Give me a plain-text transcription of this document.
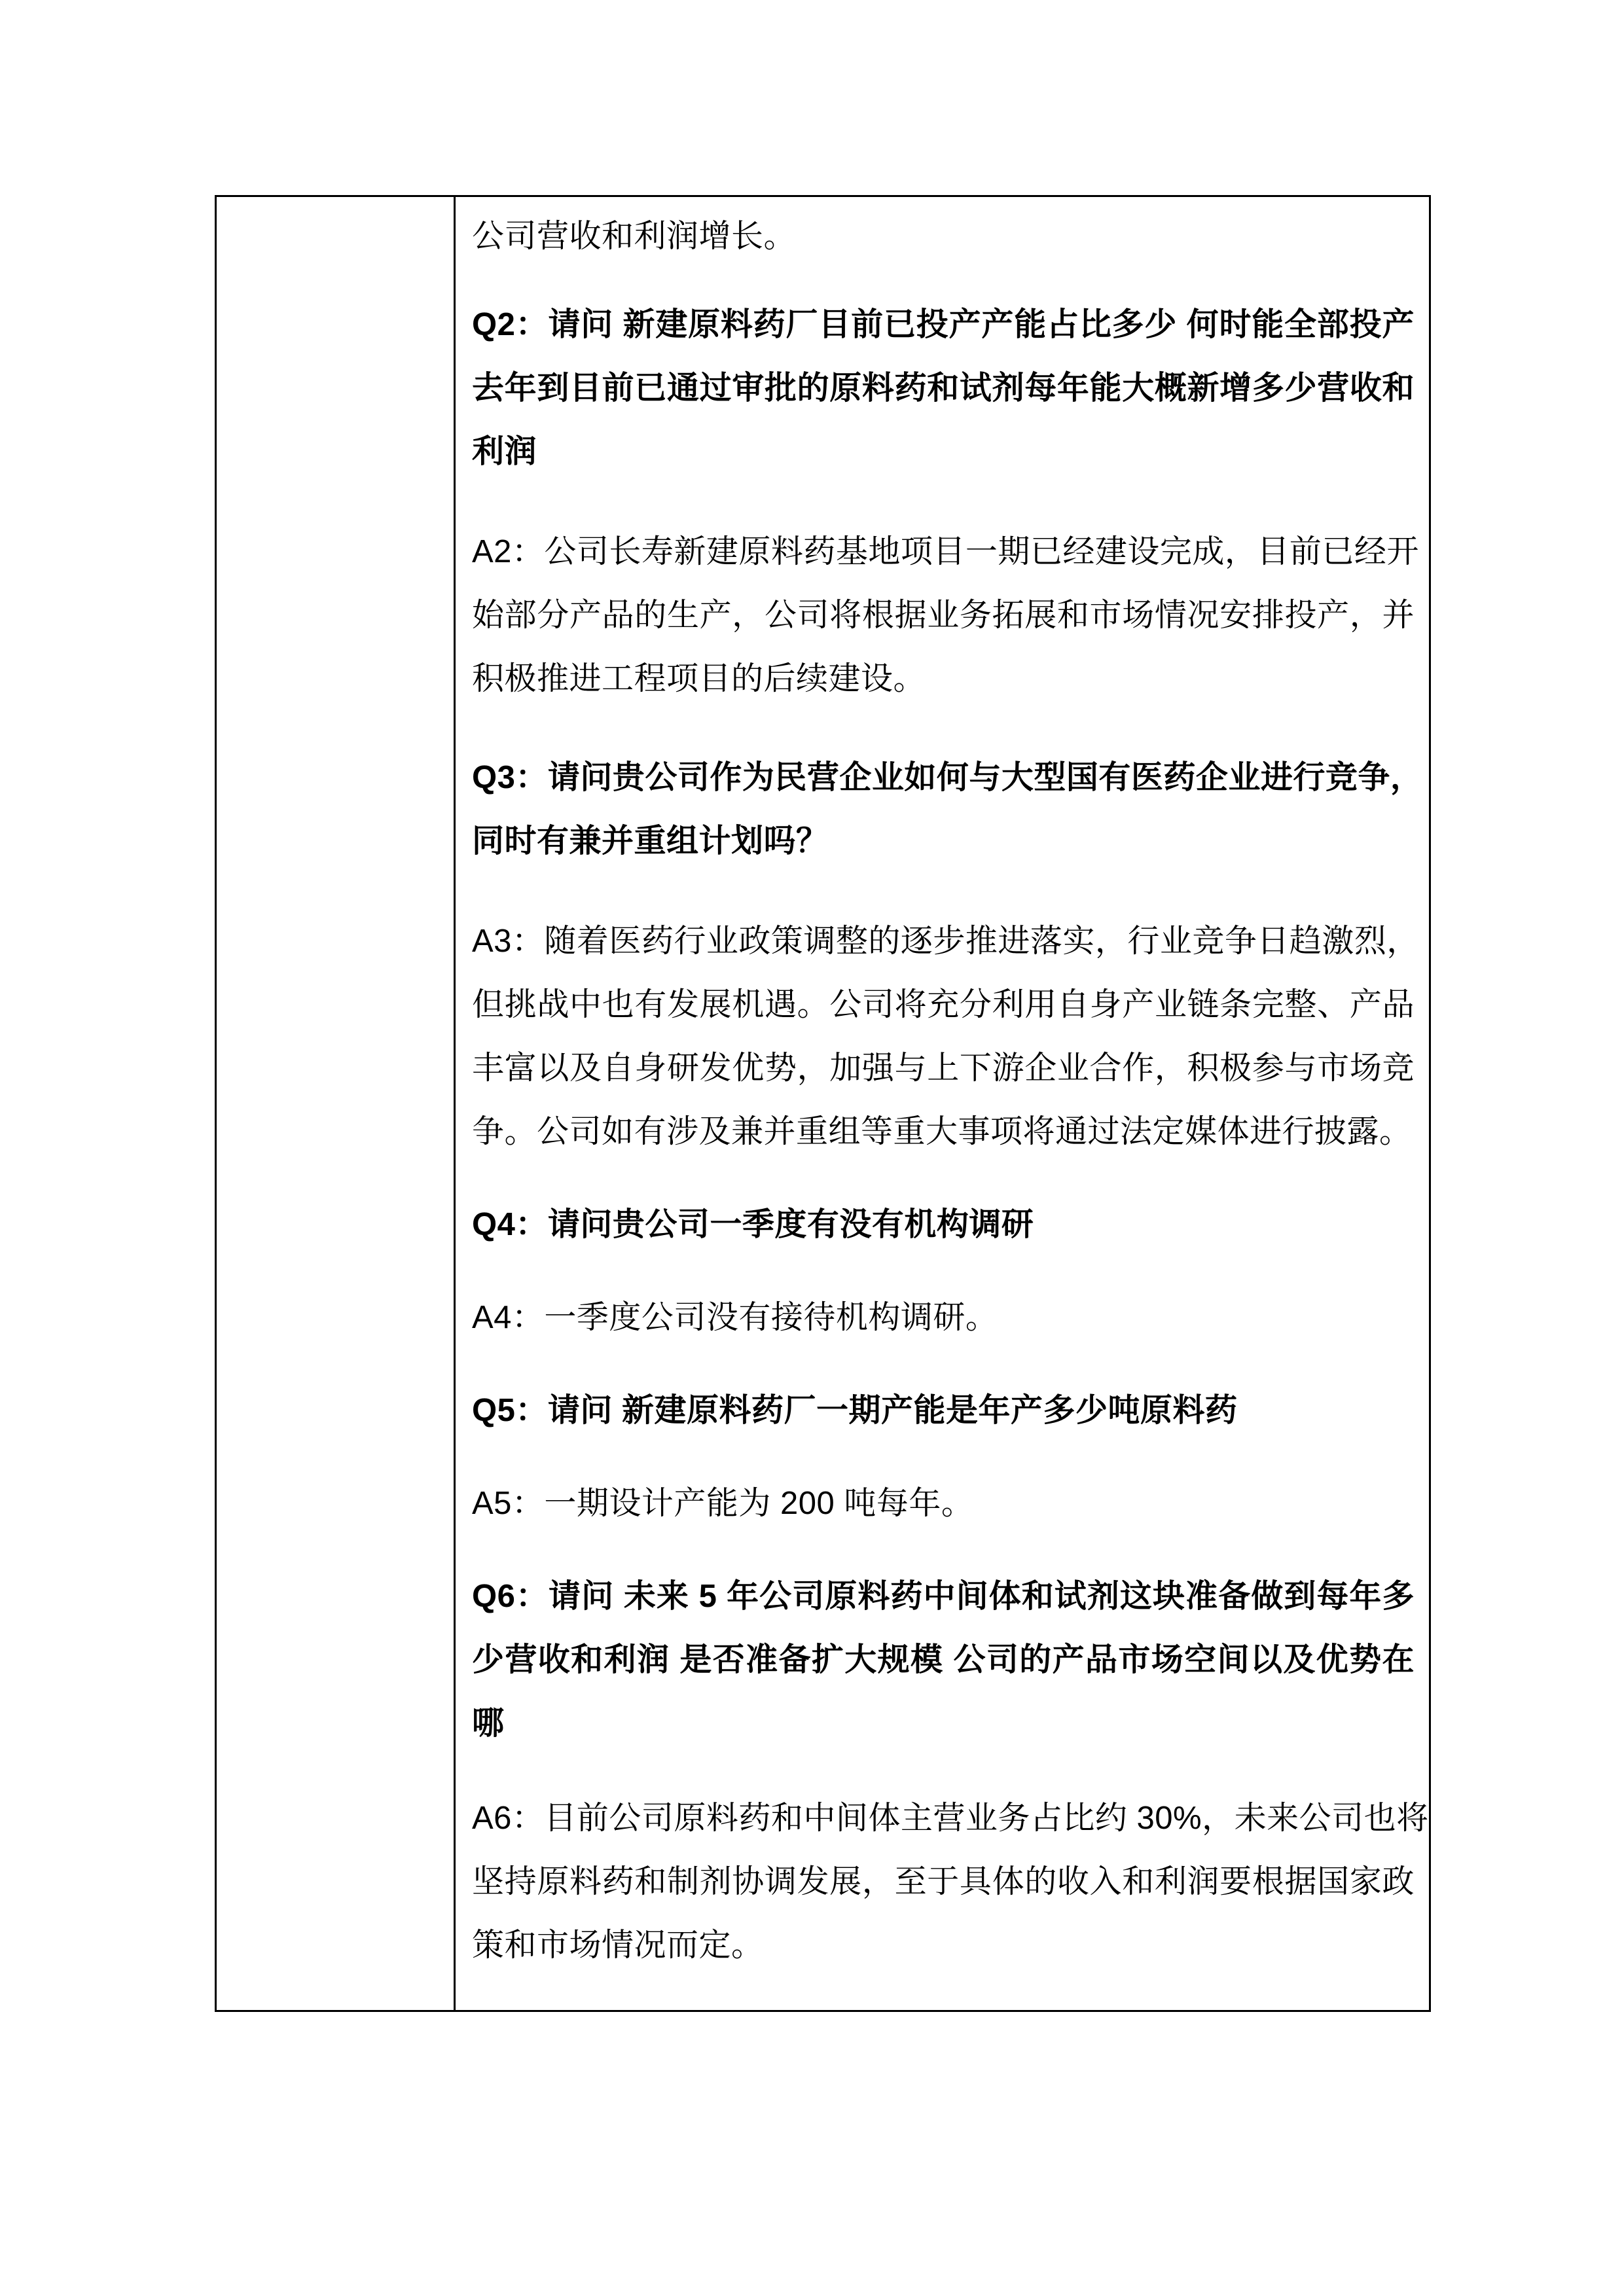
公司营收和利润增长。
Q2：请问 新建原料药厂目前已投产产能占比多少 何时能全部投产
去年到目前已通过审批的原料药和试剂每年能大概新增多少营收和
利润
A2：公司长寿新建原料药基地项目一期已经建设完成，目前已经开
始部分产品的生产，公司将根据业务拓展和市场情况安排投产，并
积极推进工程项目的后续建设。
Q3：请问贵公司作为民营企业如何与大型国有医药企业进行竞争，
同时有兼并重组计划吗？
A3：随着医药行业政策调整的逐步推进落实，行业竞争日趋激烈，
但挑战中也有发展机遇。公司将充分利用自身产业链条完整、产品
丰富以及自身研发优势，加强与上下游企业合作，积极参与市场竞
争。公司如有涉及兼并重组等重大事项将通过法定媒体进行披露。
Q4：请问贵公司一季度有没有机构调研
A4：一季度公司没有接待机构调研。
Q5：请问 新建原料药厂一期产能是年产多少吨原料药
A5：一期设计产能为 200 吨每年。
Q6：请问 未来 5 年公司原料药中间体和试剂这块准备做到每年多
少营收和利润 是否准备扩大规模 公司的产品市场空间以及优势在
哪
A6：目前公司原料药和中间体主营业务占比约 30%，未来公司也将
坚持原料药和制剂协调发展，至于具体的收入和利润要根据国家政
策和市场情况而定。
